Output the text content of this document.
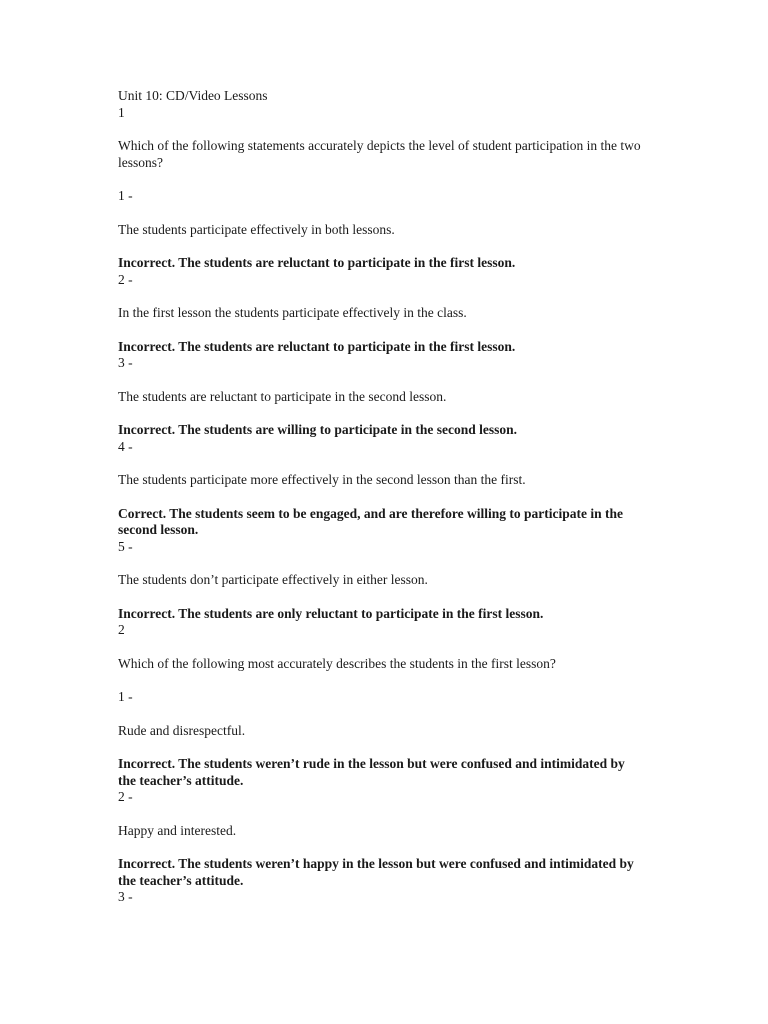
Unit 10: CD/Video Lessons
1
Which of the following statements accurately depicts the level of student participation in the two lessons?
1 -
The students participate effectively in both lessons.
Incorrect. The students are reluctant to participate in the first lesson.
2 -
In the first lesson the students participate effectively in the class.
Incorrect. The students are reluctant to participate in the first lesson.
3 -
The students are reluctant to participate in the second lesson.
Incorrect. The students are willing to participate in the second lesson.
4 -
The students participate more effectively in the second lesson than the first.
Correct. The students seem to be engaged, and are therefore willing to participate in the second lesson.
5 -
The students don’t participate effectively in either lesson.
Incorrect. The students are only reluctant to participate in the first lesson.
2
Which of the following most accurately describes the students in the first lesson?
1 -
Rude and disrespectful.
Incorrect. The students weren’t rude in the lesson but were confused and intimidated by the teacher’s attitude.
2 -
Happy and interested.
Incorrect. The students weren’t happy in the lesson but were confused and intimidated by the teacher’s attitude.
3 -
